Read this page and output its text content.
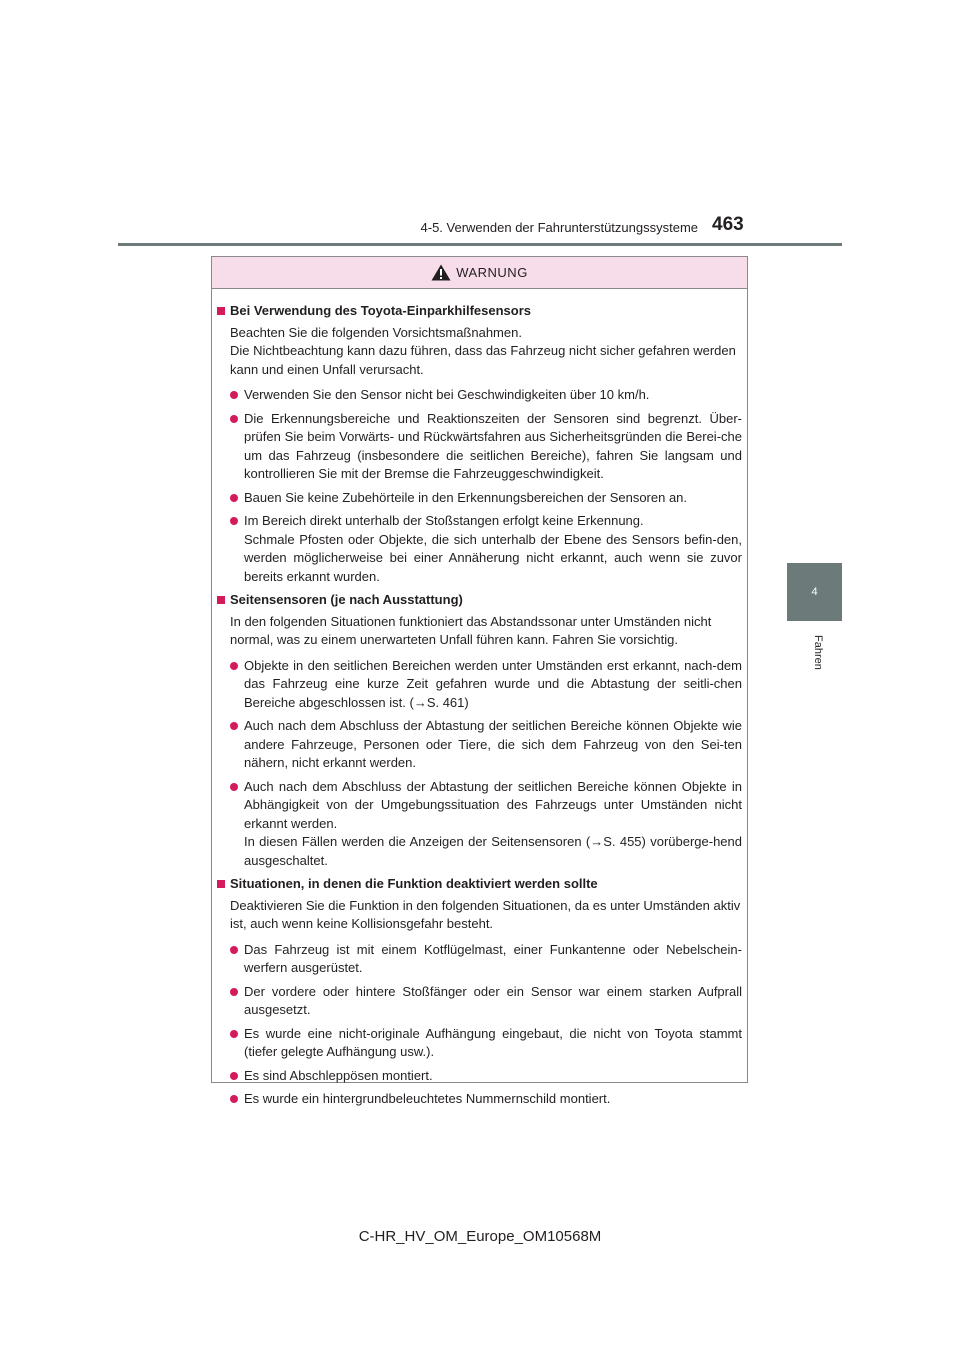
4-5. Verwenden der Fahrunterstützungssysteme 463
4
Fahren
WARNUNG
Bei Verwendung des Toyota-Einparkhilfesensors

Beachten Sie die folgenden Vorsichtsmaßnahmen.

Die Nichtbeachtung kann dazu führen, dass das Fahrzeug nicht sicher gefahren werden kann und einen Unfall verursacht.

Verwenden Sie den Sensor nicht bei Geschwindigkeiten über 10 km/h.

Die Erkennungsbereiche und Reaktionszeiten der Sensoren sind begrenzt. Über-prüfen Sie beim Vorwärts- und Rückwärtsfahren aus Sicherheitsgründen die Berei-che um das Fahrzeug (insbesondere die seitlichen Bereiche), fahren Sie langsam und kontrollieren Sie mit der Bremse die Fahrzeuggeschwindigkeit.

Bauen Sie keine Zubehörteile in den Erkennungsbereichen der Sensoren an.

Im Bereich direkt unterhalb der Stoßstangen erfolgt keine Erkennung.

Schmale Pfosten oder Objekte, die sich unterhalb der Ebene des Sensors befin-den, werden möglicherweise bei einer Annäherung nicht erkannt, auch wenn sie zuvor bereits erkannt wurden.

Seitensensoren (je nach Ausstattung)

In den folgenden Situationen funktioniert das Abstandssonar unter Umständen nicht normal, was zu einem unerwarteten Unfall führen kann. Fahren Sie vorsichtig.

Objekte in den seitlichen Bereichen werden unter Umständen erst erkannt, nach-dem das Fahrzeug eine kurze Zeit gefahren wurde und die Abtastung der seitli-chen Bereiche abgeschlossen ist. (→S. 461)

Auch nach dem Abschluss der Abtastung der seitlichen Bereiche können Objekte wie andere Fahrzeuge, Personen oder Tiere, die sich dem Fahrzeug von den Sei-ten nähern, nicht erkannt werden.

Auch nach dem Abschluss der Abtastung der seitlichen Bereiche können Objekte in Abhängigkeit von der Umgebungssituation des Fahrzeugs unter Umständen nicht erkannt werden.

In diesen Fällen werden die Anzeigen der Seitensensoren (→S. 455) vorüberge-hend ausgeschaltet.

Situationen, in denen die Funktion deaktiviert werden sollte

Deaktivieren Sie die Funktion in den folgenden Situationen, da es unter Umständen aktiv ist, auch wenn keine Kollisionsgefahr besteht.

Das Fahrzeug ist mit einem Kotflügelmast, einer Funkantenne oder Nebelschein-werfern ausgerüstet.

Der vordere oder hintere Stoßfänger oder ein Sensor war einem starken Aufprall ausgesetzt.

Es wurde eine nicht-originale Aufhängung eingebaut, die nicht von Toyota stammt (tiefer gelegte Aufhängung usw.).

Es sind Abschleppösen montiert.

Es wurde ein hintergrundbeleuchtetes Nummernschild montiert.

C-HR_HV_OM_Europe_OM10568M
